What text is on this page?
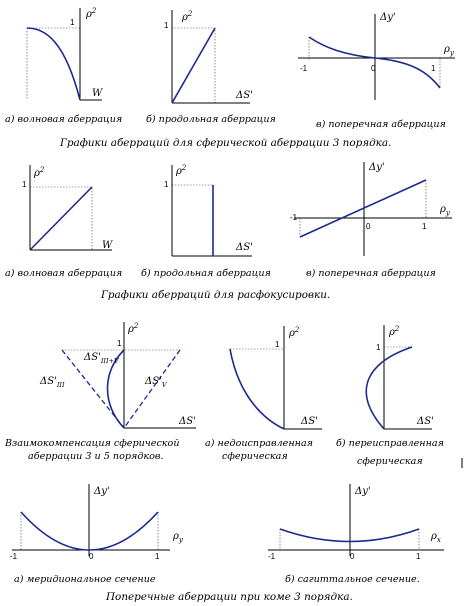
$\rho^2$
1
W
1
$\rho^2$
ΔS'
Δy'
$\rho_y$
-1	0	1
а) волновая аберрация б) продольная аберрация	в) поперечная аберрация
Графики аберраций для сферической аберрации 3 порядка.
1
$\rho^2$
W
1
$\rho^2$
ΔS'
Δy'
$\rho_y$
-1
0	1
а) волновая аберрация б) продольная аберрация	в) поперечная аберрация
Графики аберраций для расфокусировки.
$\rho^2$
1
$\Delta S'_{III+V}$
$\Delta S'_{III}$	$\Delta S'_V$
ΔS'
$\rho^2$
1
ΔS'
$\rho^2$
1
ΔS'
Взаимокомпенсация сферической
аберрации 3 и 5 порядков.
а) недоисправленная
сферическая
б) переисправленная
сферическая
Δy'
$\rho_y$
-1	0	1
Δy'
$\rho_x$
-1	0	1
а) меридиональное сечение	б) сагиттальное сечение.
Поперечные аберрации при коме 3 порядка.
